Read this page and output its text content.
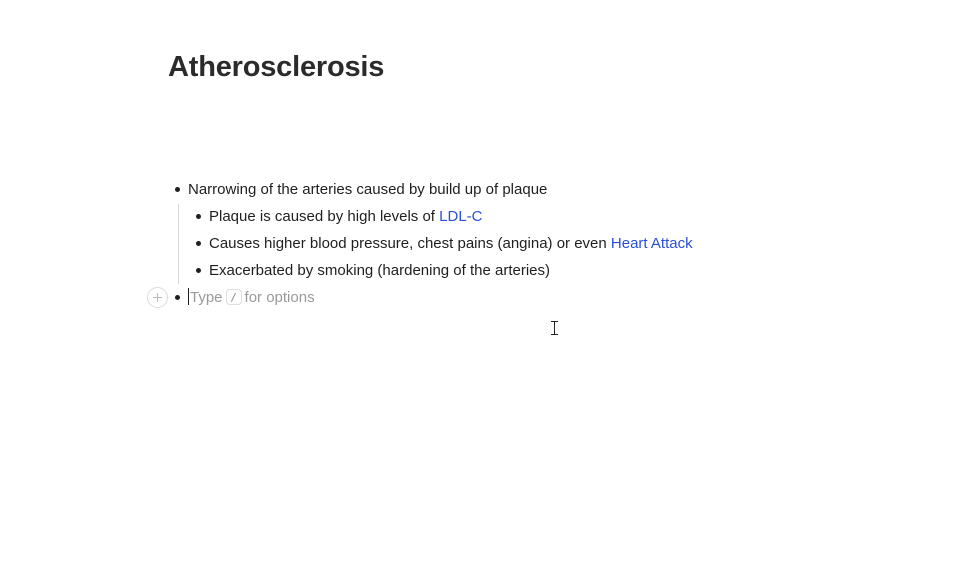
Atherosclerosis
Narrowing of the arteries caused by build up of plaque
Plaque is caused by high levels of LDL-C
Causes higher blood pressure, chest pains (angina) or even Heart Attack
Exacerbated by smoking (hardening of the arteries)
Type / for options
